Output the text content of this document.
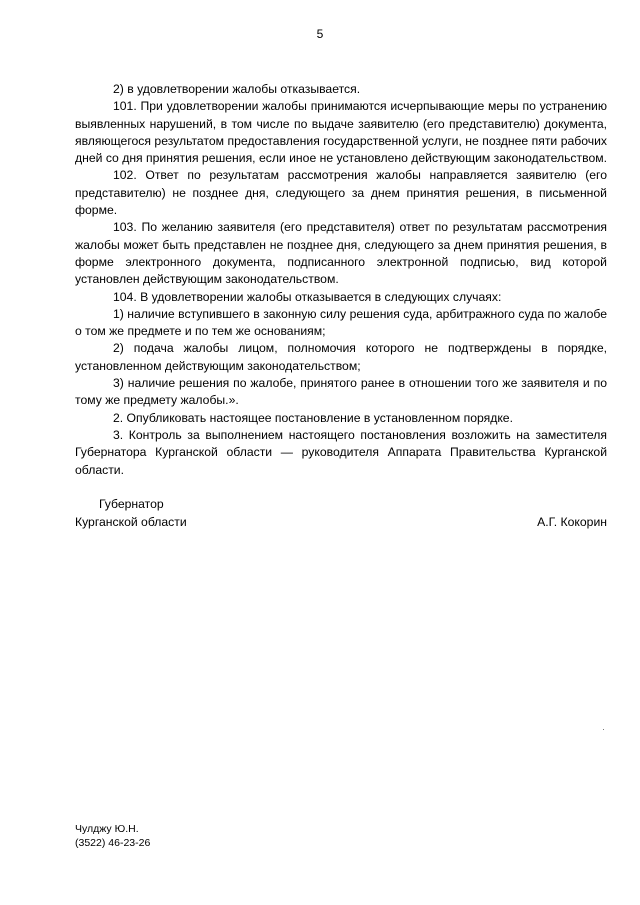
5

2) в удовлетворении жалобы отказывается.

101. При удовлетворении жалобы принимаются исчерпывающие меры по устранению выявленных нарушений, в том числе по выдаче заявителю (его представителю) документа, являющегося результатом предоставления государственной услуги, не позднее пяти рабочих дней со дня принятия решения, если иное не установлено действующим законодательством.

102. Ответ по результатам рассмотрения жалобы направляется заявителю (его представителю) не позднее дня, следующего за днем принятия решения, в письменной форме.

103. По желанию заявителя (его представителя) ответ по результатам рассмотрения жалобы может быть представлен не позднее дня, следующего за днем принятия решения, в форме электронного документа, подписанного электронной подписью, вид которой установлен действующим законодательством.

104. В удовлетворении жалобы отказывается в следующих случаях:

1) наличие вступившего в законную силу решения суда, арбитражного суда по жалобе о том же предмете и по тем же основаниям;

2) подача жалобы лицом, полномочия которого не подтверждены в порядке, установленном действующим законодательством;

3) наличие решения по жалобе, принятого ранее в отношении того же заявителя и по тому же предмету жалобы.».

2. Опубликовать настоящее постановление в установленном порядке.

3. Контроль за выполнением настоящего постановления возложить на заместителя Губернатора Курганской области — руководителя Аппарата Правительства Курганской области.

Губернатор
Курганской области	А.Г. Кокорин
Чулджу Ю.Н.
(3522) 46-23-26
